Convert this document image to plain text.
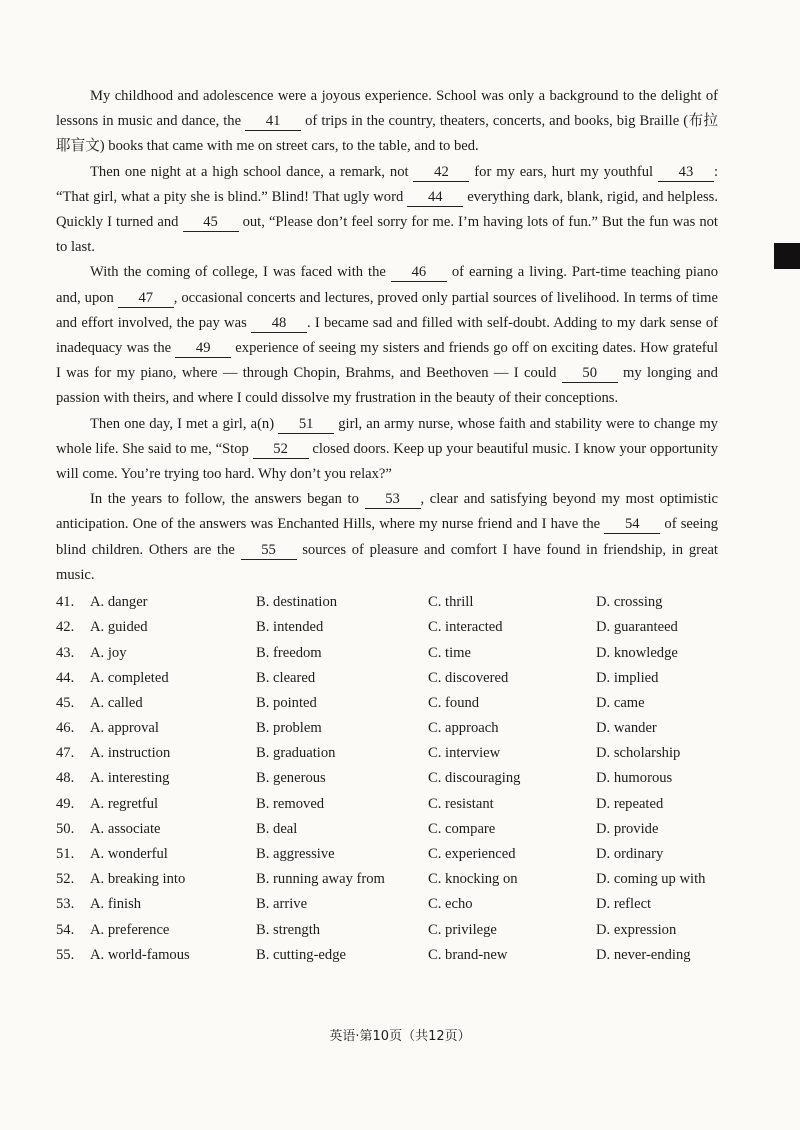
My childhood and adolescence were a joyous experience. School was only a background to the delight of lessons in music and dance, the 41 of trips in the country, theaters, concerts, and books, big Braille (布拉耶盲文) books that came with me on street cars, to the table, and to bed.

Then one night at a high school dance, a remark, not 42 for my ears, hurt my youthful 43 : “That girl, what a pity she is blind.” Blind! That ugly word 44 everything dark, blank, rigid, and helpless. Quickly I turned and 45 out, “Please don’t feel sorry for me. I’m having lots of fun.” But the fun was not to last.

With the coming of college, I was faced with the 46 of earning a living. Part-time teaching piano and, upon 47 , occasional concerts and lectures, proved only partial sources of livelihood. In terms of time and effort involved, the pay was 48 . I became sad and filled with self-doubt. Adding to my dark sense of inadequacy was the 49 experience of seeing my sisters and friends go off on exciting dates. How grateful I was for my piano, where — through Chopin, Brahms, and Beethoven — I could 50 my longing and passion with theirs, and where I could dissolve my frustration in the beauty of their conceptions.

Then one day, I met a girl, a(n) 51 girl, an army nurse, whose faith and stability were to change my whole life. She said to me, “Stop 52 closed doors. Keep up your beautiful music. I know your opportunity will come. You’re trying too hard. Why don’t you relax?”

In the years to follow, the answers began to 53 , clear and satisfying beyond my most optimistic anticipation. One of the answers was Enchanted Hills, where my nurse friend and I have the 54 of seeing blind children. Others are the 55 sources of pleasure and comfort I have found in friendship, in great music.

41.	A. danger	B. destination	C. thrill	D. crossing
42.	A. guided	B. intended	C. interacted	D. guaranteed
43.	A. joy	B. freedom	C. time	D. knowledge
44.	A. completed	B. cleared	C. discovered	D. implied
45.	A. called	B. pointed	C. found	D. came
46.	A. approval	B. problem	C. approach	D. wander
47.	A. instruction	B. graduation	C. interview	D. scholarship
48.	A. interesting	B. generous	C. discouraging	D. humorous
49.	A. regretful	B. removed	C. resistant	D. repeated
50.	A. associate	B. deal	C. compare	D. provide
51.	A. wonderful	B. aggressive	C. experienced	D. ordinary
52.	A. breaking into	B. running away from	C. knocking on	D. coming up with
53.	A. finish	B. arrive	C. echo	D. reflect
54.	A. preference	B. strength	C. privilege	D. expression
55.	A. world-famous	B. cutting-edge	C. brand-new	D. never-ending
英语·第10页（共12页）
